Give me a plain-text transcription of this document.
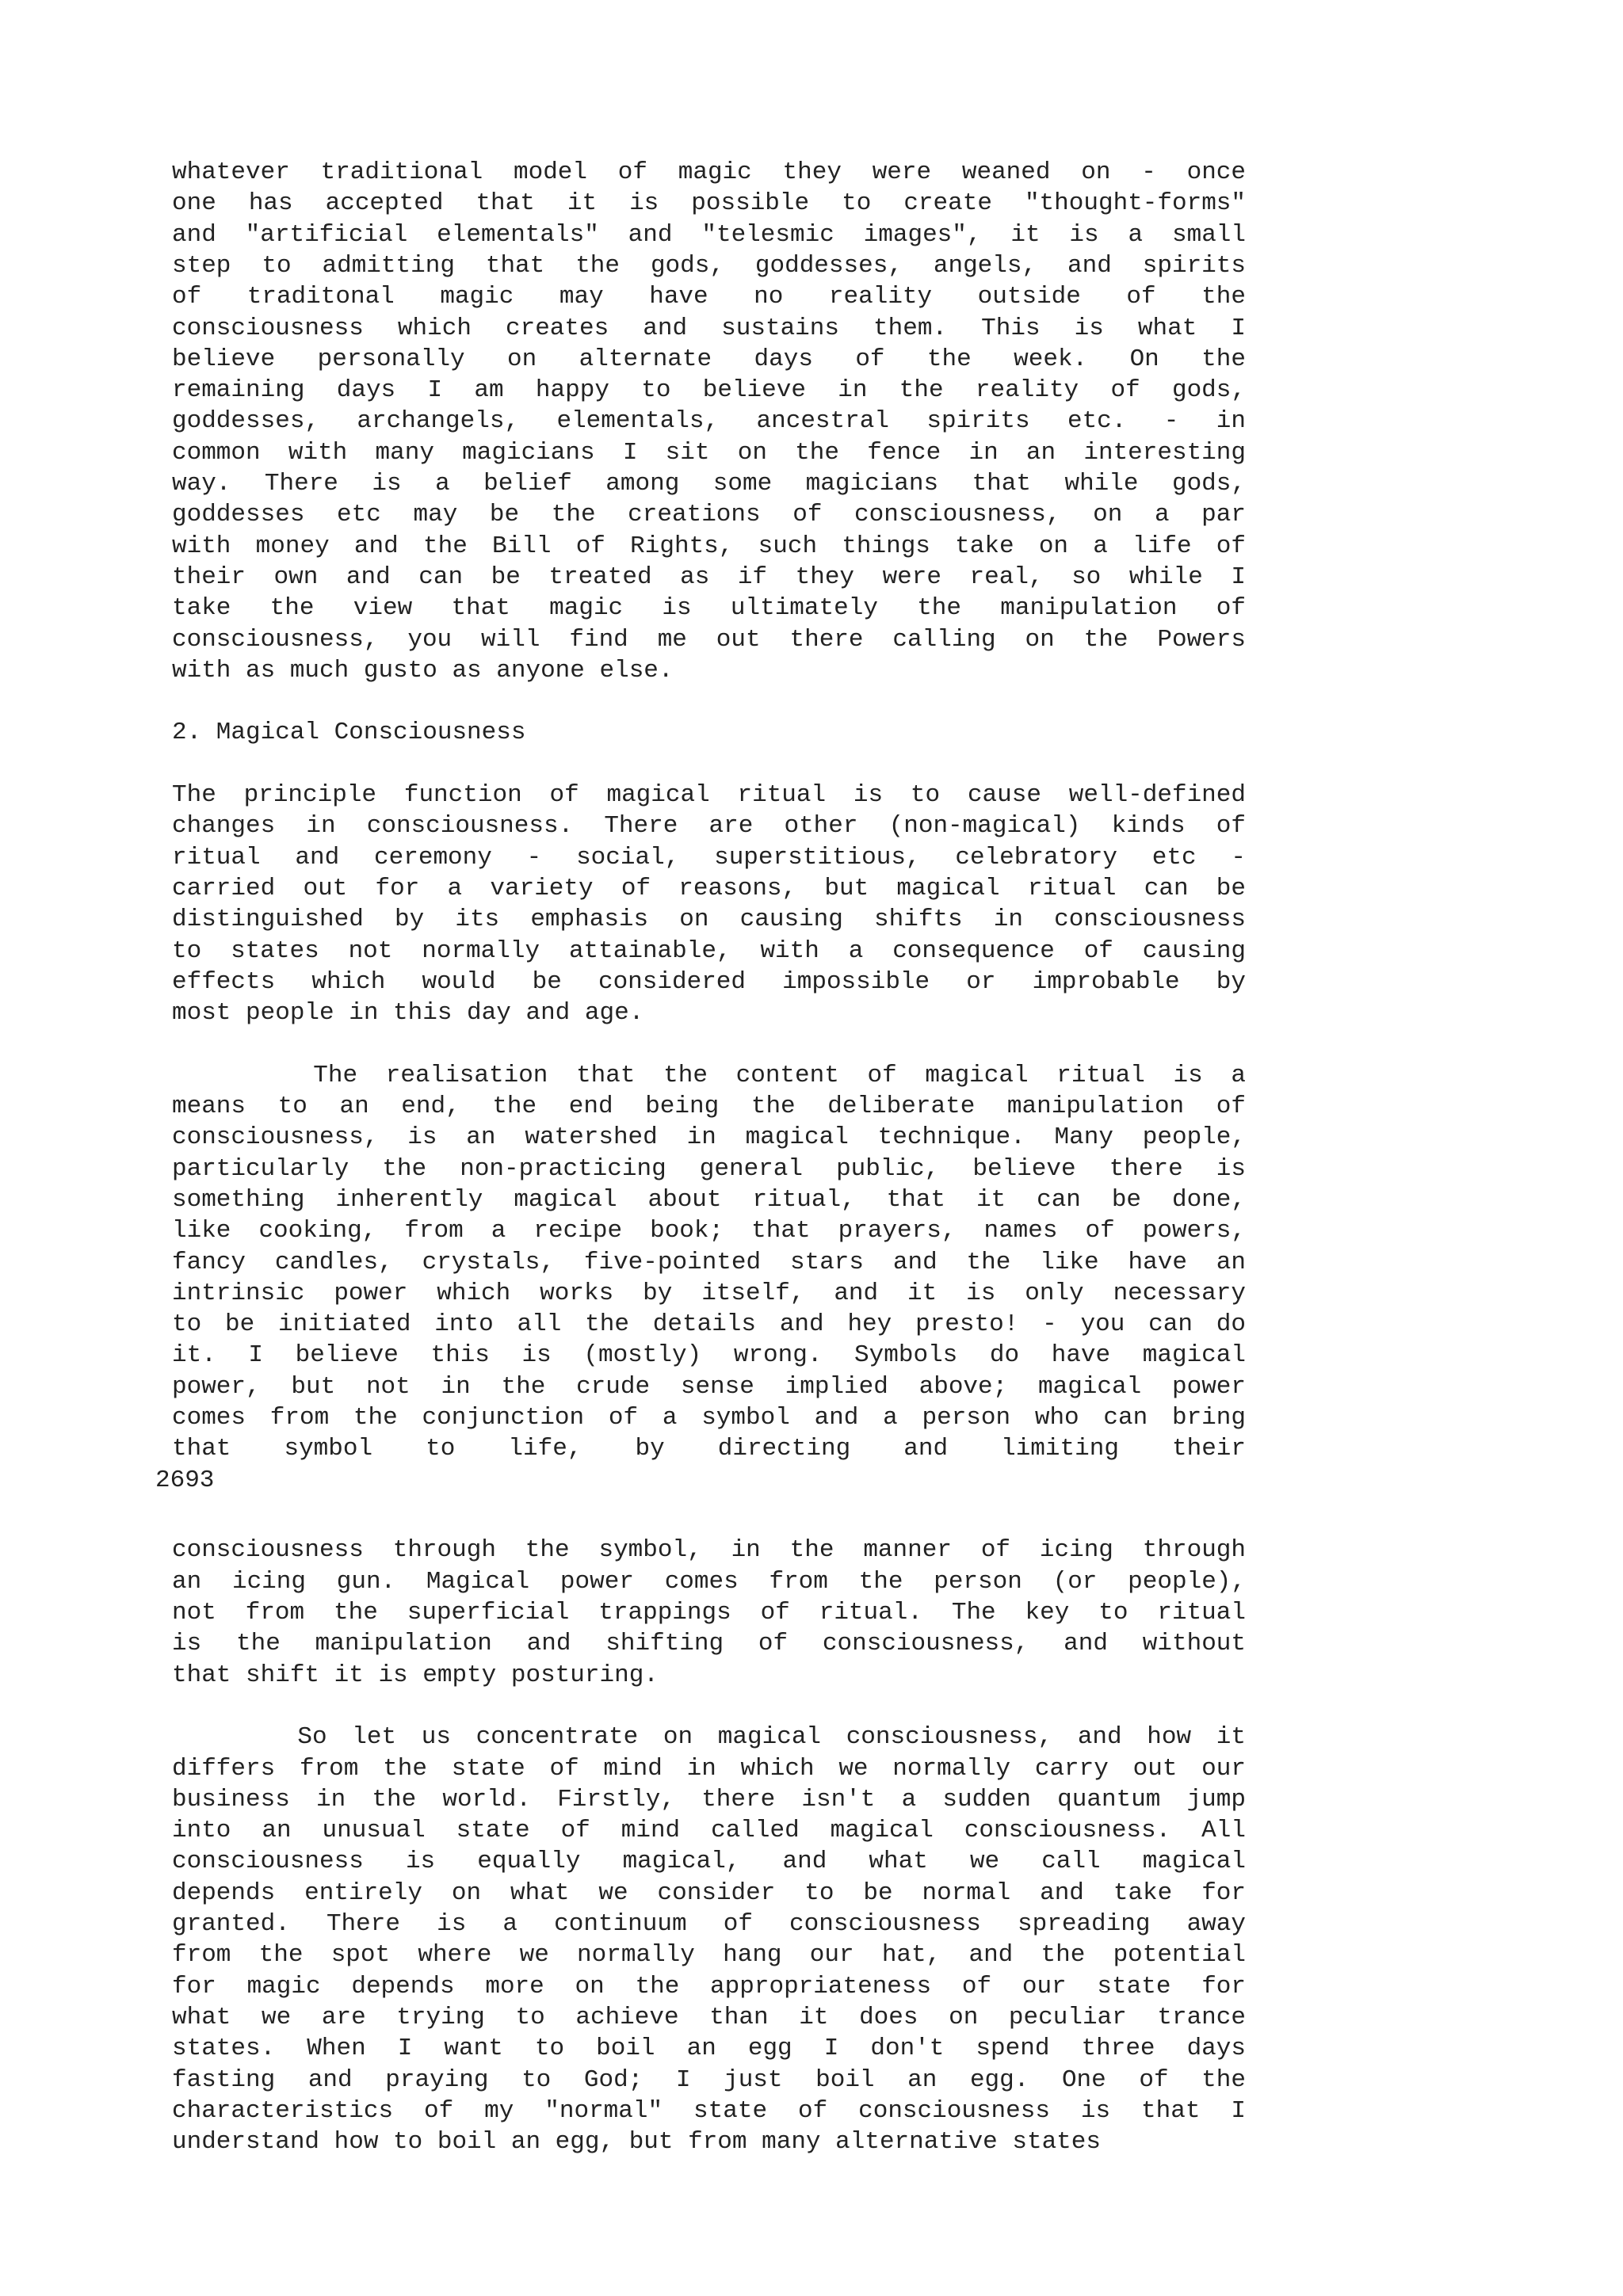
whatever traditional model of magic they were weaned on - once
one has accepted that it is possible to create "thought-forms"
and "artificial elementals" and "telesmic images", it is a small
step to admitting that the gods, goddesses, angels, and spirits
of traditonal magic may have no reality outside of the
consciousness which creates and sustains them. This is what I
believe personally on alternate days of the week. On the
remaining days I am happy to believe in the reality of gods,
goddesses, archangels, elementals, ancestral spirits etc. - in
common with many magicians I sit on the fence in an interesting
way. There is a belief among some magicians that while gods,
goddesses etc may be the creations of consciousness, on a par
with money and the Bill of Rights, such things take on a life of
their own and can be treated as if they were real, so while I
take the view that magic is ultimately the manipulation of
consciousness, you will find me out there calling on the Powers
with as much gusto as anyone else.
2. Magical Consciousness
The principle function of magical ritual is to cause well-defined
changes in consciousness. There are other (non-magical) kinds of
ritual and ceremony - social, superstitious, celebratory etc -
carried out for a variety of reasons, but magical ritual can be
distinguished by its emphasis on causing shifts in consciousness
to states not normally attainable, with a consequence of causing
effects which would be considered impossible or improbable by
most people in this day and age.
The realisation that the content of magical ritual is a
means to an end, the end being the deliberate manipulation of
consciousness, is an watershed in magical technique. Many people,
particularly the non-practicing general public, believe there is
something inherently magical about ritual, that it can be done,
like cooking, from a recipe book; that prayers, names of powers,
fancy candles, crystals, five-pointed stars and the like have an
intrinsic power which works by itself, and it is only necessary
to be initiated into all the details and hey presto! - you can do
it. I believe this is (mostly) wrong. Symbols do have magical
power, but not in the crude sense implied above; magical power
comes from the conjunction of a symbol and a person who can bring
that symbol to life, by directing and limiting their
2693
consciousness through the symbol, in the manner of icing through
an icing gun. Magical power comes from the person (or people),
not from the superficial trappings of ritual. The key to ritual
is the manipulation and shifting of consciousness, and without
that shift it is empty posturing.
So let us concentrate on magical consciousness, and how it
differs from the state of mind in which we normally carry out our
business in the world. Firstly, there isn't a sudden quantum jump
into an unusual state of mind called magical consciousness. All
consciousness is equally magical, and what we call magical
depends entirely on what we consider to be normal and take for
granted. There is a continuum of consciousness spreading away
from the spot where we normally hang our hat, and the potential
for magic depends more on the appropriateness of our state for
what we are trying to achieve than it does on peculiar trance
states. When I want to boil an egg I don't spend three days
fasting and praying to God; I just boil an egg. One of the
characteristics of my "normal" state of consciousness is that I
understand how to boil an egg, but from many alternative states
